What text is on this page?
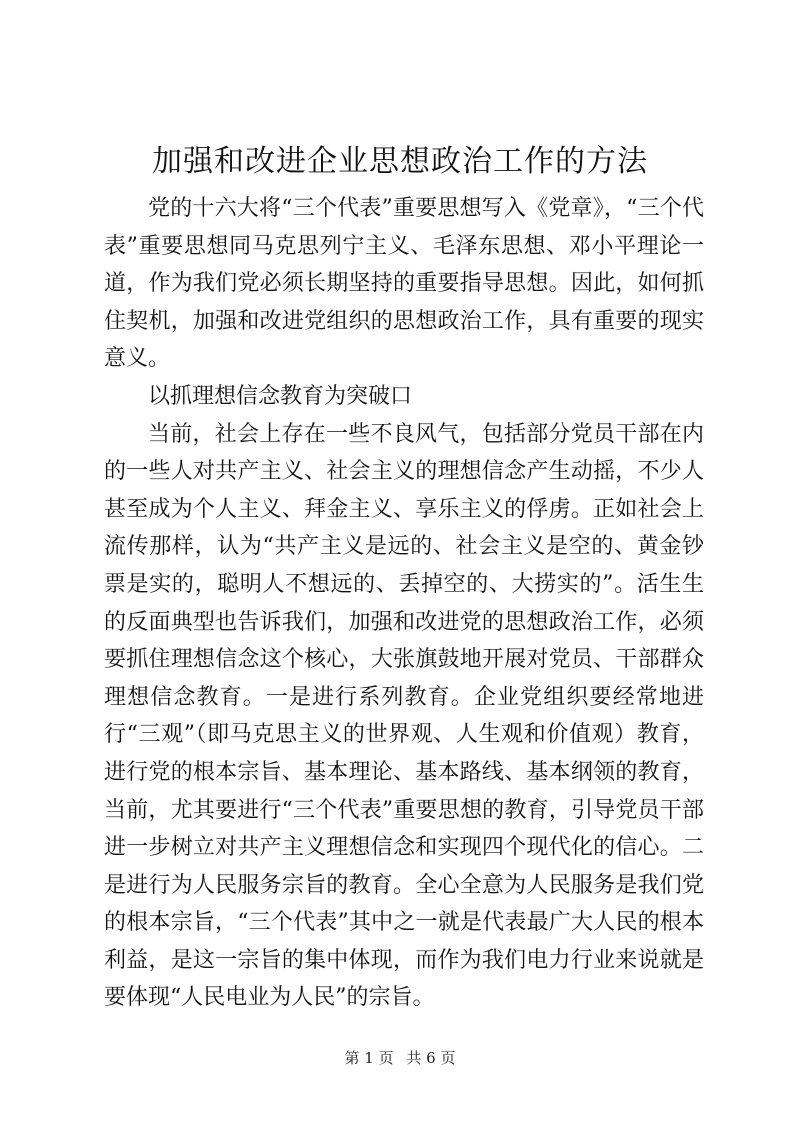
加强和改进企业思想政治工作的方法

党的十六大将“三个代表”重要思想写入《党章》，“三个代表”重要思想同马克思列宁主义、毛泽东思想、邓小平理论一道，作为我们党必须长期坚持的重要指导思想。因此，如何抓住契机，加强和改进党组织的思想政治工作，具有重要的现实意义。

以抓理想信念教育为突破口

当前，社会上存在一些不良风气，包括部分党员干部在内的一些人对共产主义、社会主义的理想信念产生动摇，不少人甚至成为个人主义、拜金主义、享乐主义的俘虏。正如社会上流传那样，认为“共产主义是远的、社会主义是空的、黄金钞票是实的，聪明人不想远的、丢掉空的、大捞实的”。活生生的反面典型也告诉我们，加强和改进党的思想政治工作，必须要抓住理想信念这个核心，大张旗鼓地开展对党员、干部群众理想信念教育。一是进行系列教育。企业党组织要经常地进行“三观”（即马克思主义的世界观、人生观和价值观）教育，进行党的根本宗旨、基本理论、基本路线、基本纲领的教育，当前，尤其要进行“三个代表”重要思想的教育，引导党员干部进一步树立对共产主义理想信念和实现四个现代化的信心。二是进行为人民服务宗旨的教育。全心全意为人民服务是我们党的根本宗旨，“三个代表”其中之一就是代表最广大人民的根本利益，是这一宗旨的集中体现，而作为我们电力行业来说就是要体现“人民电业为人民”的宗旨。

第 1 页 共 6 页
